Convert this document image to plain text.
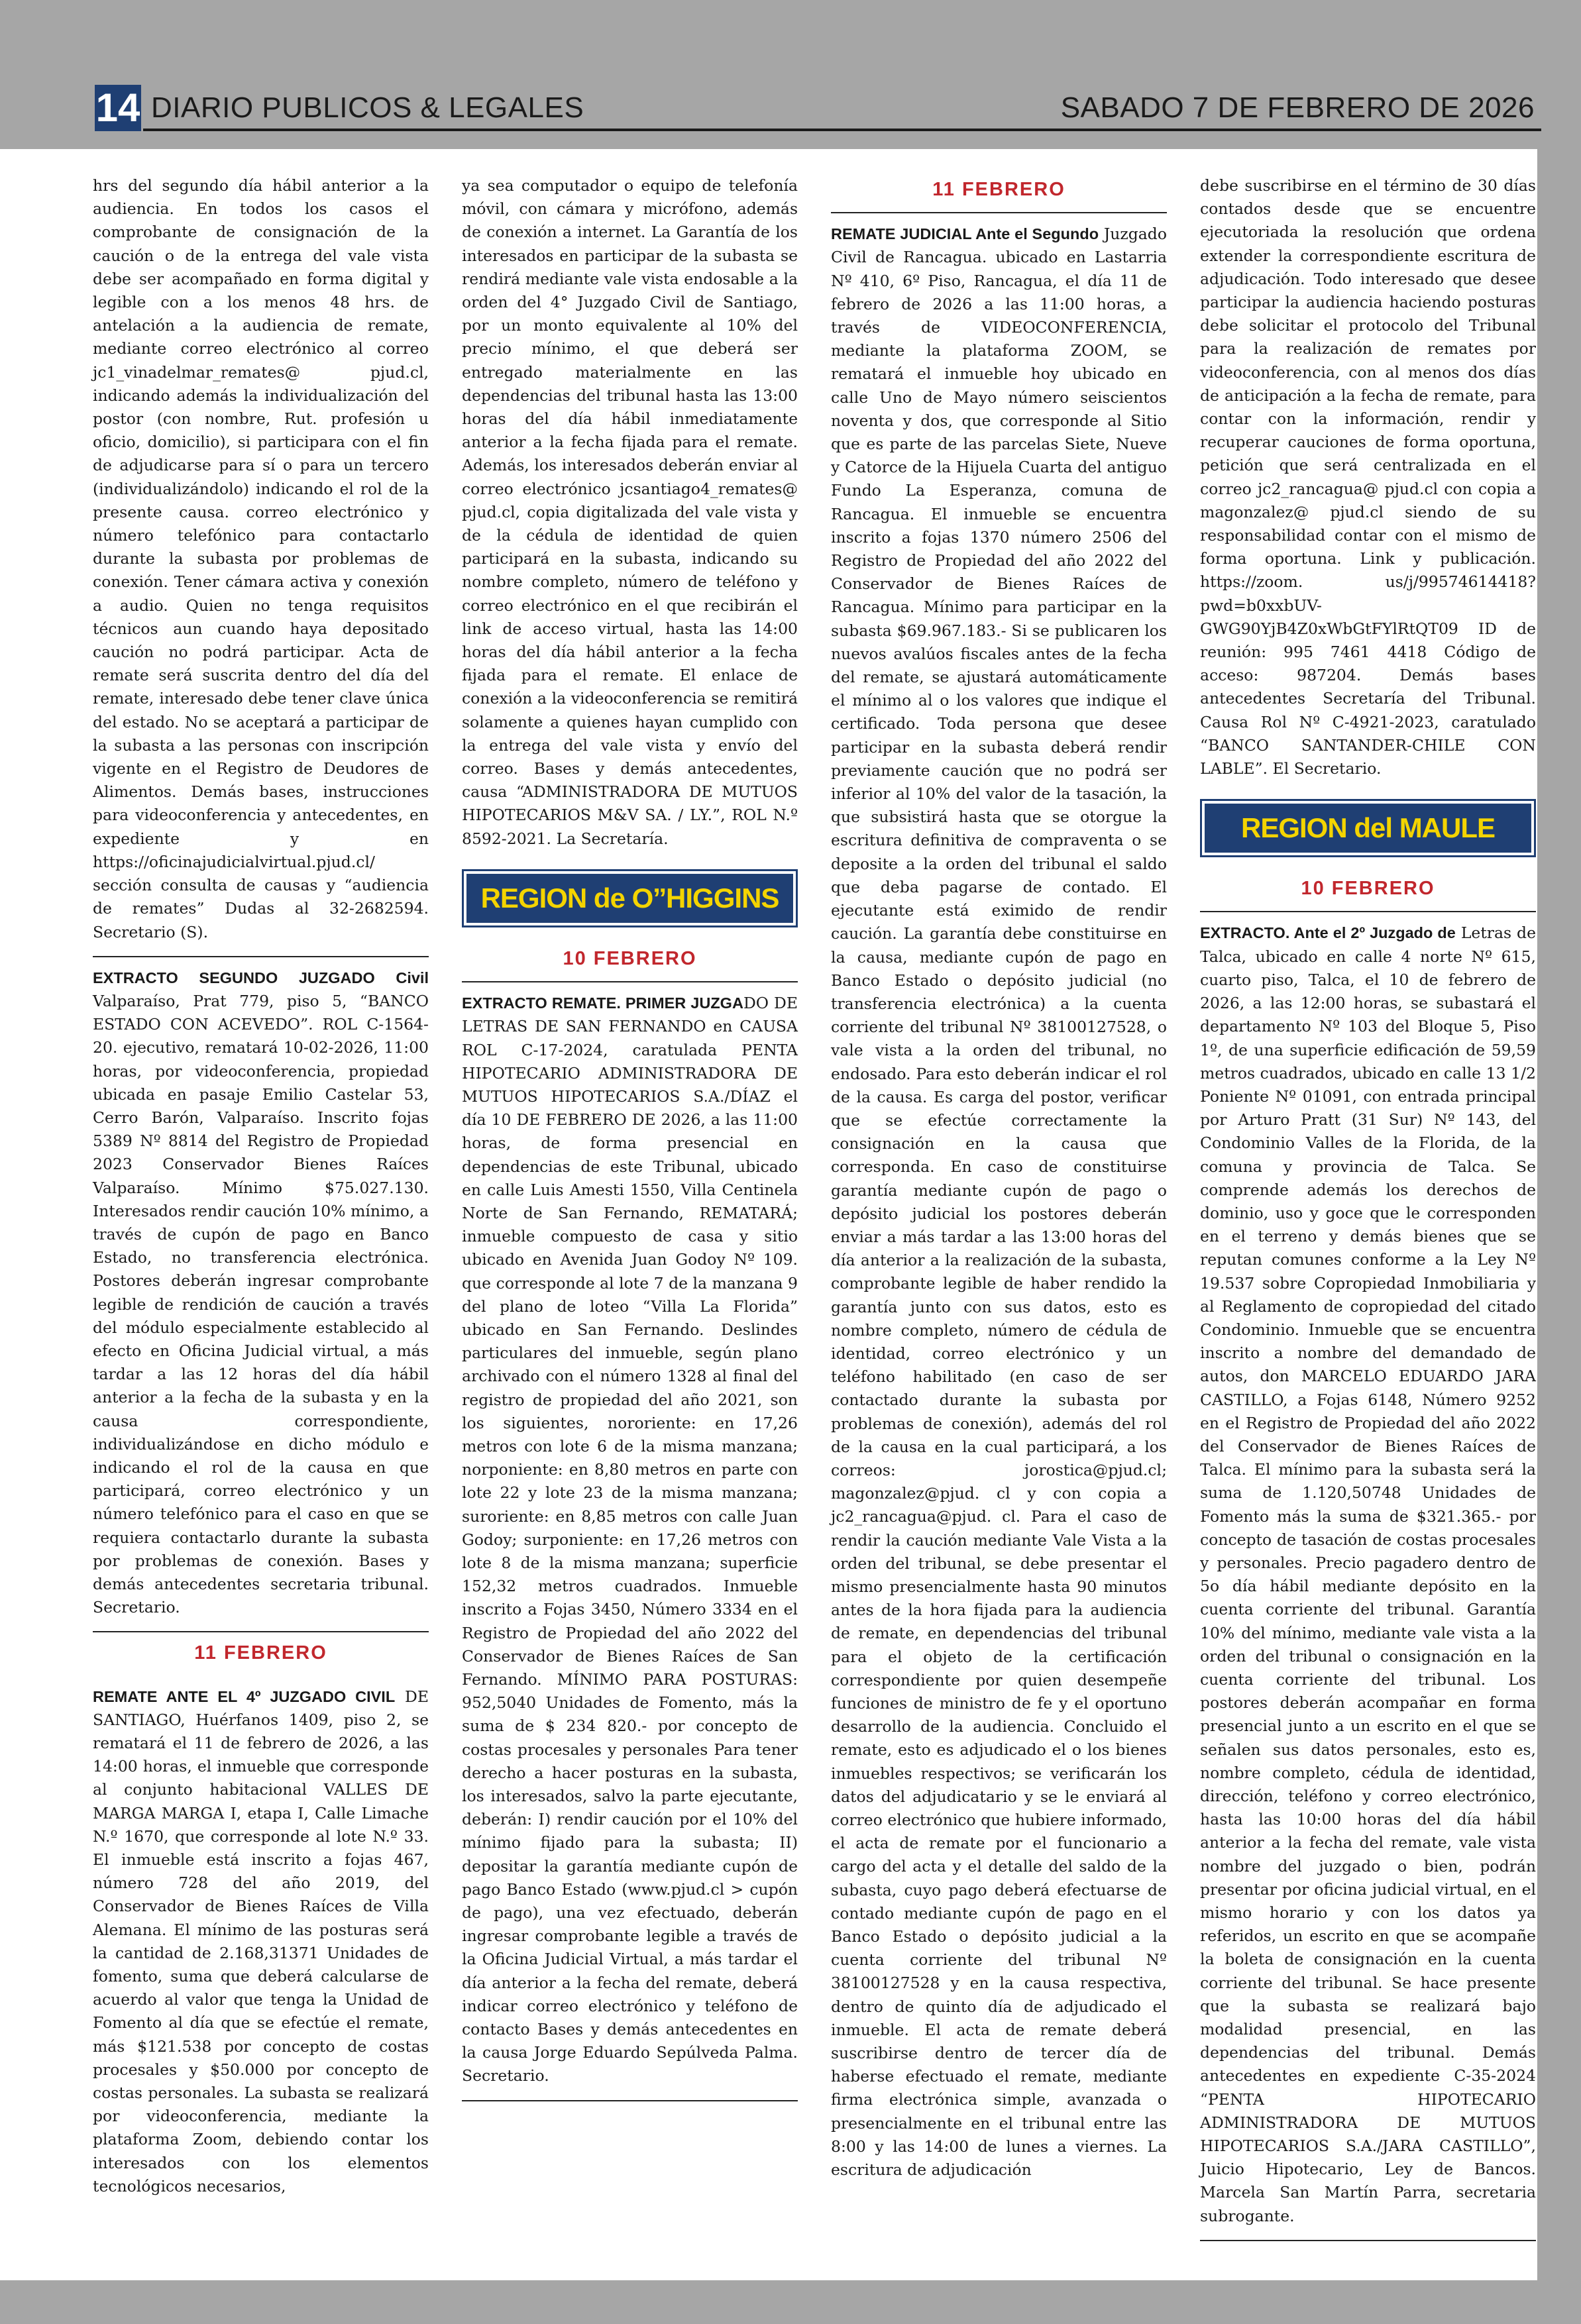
14 DIARIO PUBLICOS & LEGALES	SABADO 7 DE FEBRERO DE 2026

hrs del segundo día hábil anterior a la audiencia. En todos los casos el comprobante de consignación de la caución o de la entrega del vale vista debe ser acompañado en forma digital y legible con a los menos 48 hrs. de antelación a la audiencia de remate, mediante correo electrónico al correo jc1_vinadelmar_remates@ pjud.cl, indicando además la individualización del postor (con nombre, Rut. profesión u oficio, domicilio), si participara con el fin de adjudicarse para sí o para un tercero (individualizándolo) indicando el rol de la presente causa. correo electrónico y número telefónico para contactarlo durante la subasta por problemas de conexión. Tener cámara activa y conexión a audio. Quien no tenga requisitos técnicos aun cuando haya depositado caución no podrá participar. Acta de remate será suscrita dentro del día del remate, interesado debe tener clave única del estado. No se aceptará a participar de la subasta a las personas con inscripción vigente en el Registro de Deudores de Alimentos. Demás bases, instrucciones para videoconferencia y antecedentes, en expediente y en https://oficinajudicialvirtual.pjud.cl/ sección consulta de causas y “audiencia de remates” Dudas al 32-2682594. Secretario (S).

EXTRACTO SEGUNDO JUZGADO Civil Valparaíso, Prat 779, piso 5, “BANCO ESTADO CON ACEVEDO”. ROL C-1564-20. ejecutivo, rematará 10-02-2026, 11:00 horas, por videoconferencia, propiedad ubicada en pasaje Emilio Castelar 53, Cerro Barón, Valparaíso. Inscrito fojas 5389 Nº 8814 del Registro de Propiedad 2023 Conservador Bienes Raíces Valparaíso. Mínimo $75.027.130. Interesados rendir caución 10% mínimo, a través de cupón de pago en Banco Estado, no transferencia electrónica. Postores deberán ingresar comprobante legible de rendición de caución a través del módulo especialmente establecido al efecto en Oficina Judicial virtual, a más tardar a las 12 horas del día hábil anterior a la fecha de la subasta y en la causa correspondiente, individualizándose en dicho módulo e indicando el rol de la causa en que participará, correo electrónico y un número telefónico para el caso en que se requiera contactarlo durante la subasta por problemas de conexión. Bases y demás antecedentes secretaria tribunal. Secretario.

11 FEBRERO

REMATE ANTE EL 4º JUZGADO CIVIL DE SANTIAGO, Huérfanos 1409, piso 2, se rematará el 11 de febrero de 2026, a las 14:00 horas, el inmueble que corresponde al conjunto habitacional VALLES DE MARGA MARGA I, etapa I, Calle Limache N.º 1670, que corresponde al lote N.º 33. El inmueble está inscrito a fojas 467, número 728 del año 2019, del Conservador de Bienes Raíces de Villa Alemana. El mínimo de las posturas será la cantidad de 2.168,31371 Unidades de fomento, suma que deberá calcularse de acuerdo al valor que tenga la Unidad de Fomento al día que se efectúe el remate, más $121.538 por concepto de costas procesales y $50.000 por concepto de costas personales. La subasta se realizará por videoconferencia, mediante la plataforma Zoom, debiendo contar los interesados con los elementos tecnológicos necesarios,

ya sea computador o equipo de telefonía móvil, con cámara y micrófono, además de conexión a internet. La Garantía de los interesados en participar de la subasta se rendirá mediante vale vista endosable a la orden del 4° Juzgado Civil de Santiago, por un monto equivalente al 10% del precio mínimo, el que deberá ser entregado materialmente en las dependencias del tribunal hasta las 13:00 horas del día hábil inmediatamente anterior a la fecha fijada para el remate. Además, los interesados deberán enviar al correo electrónico jcsantiago4_remates@ pjud.cl, copia digitalizada del vale vista y de la cédula de identidad de quien participará en la subasta, indicando su nombre completo, número de teléfono y correo electrónico en el que recibirán el link de acceso virtual, hasta las 14:00 horas del día hábil anterior a la fecha fijada para el remate. El enlace de conexión a la videoconferencia se remitirá solamente a quienes hayan cumplido con la entrega del vale vista y envío del correo. Bases y demás antecedentes, causa “ADMINISTRADORA DE MUTUOS HIPOTECARIOS M&V SA. / LY.”, ROL N.º 8592-2021. La Secretaría.

REGION de O’’HIGGINS
10 FEBRERO

EXTRACTO REMATE. PRIMER JUZGADO DE LETRAS DE SAN FERNANDO en CAUSA ROL C-17-2024, caratulada PENTA HIPOTECARIO ADMINISTRADORA DE MUTUOS HIPOTECARIOS S.A./DÍAZ el día 10 DE FEBRERO DE 2026, a las 11:00 horas, de forma presencial en dependencias de este Tribunal, ubicado en calle Luis Amesti 1550, Villa Centinela Norte de San Fernando, REMATARÁ; inmueble compuesto de casa y sitio ubicado en Avenida Juan Godoy Nº 109. que corresponde al lote 7 de la manzana 9 del plano de loteo “Villa La Florida” ubicado en San Fernando. Deslindes particulares del inmueble, según plano archivado con el número 1328 al final del registro de propiedad del año 2021, son los siguientes, nororiente: en 17,26 metros con lote 6 de la misma manzana; norponiente: en 8,80 metros en parte con lote 22 y lote 23 de la misma manzana; suroriente: en 8,85 metros con calle Juan Godoy; surponiente: en 17,26 metros con lote 8 de la misma manzana; superficie 152,32 metros cuadrados. Inmueble inscrito a Fojas 3450, Número 3334 en el Registro de Propiedad del año 2022 del Conservador de Bienes Raíces de San Fernando. MÍNIMO PARA POSTURAS: 952,5040 Unidades de Fomento, más la suma de $ 234 820.- por concepto de costas procesales y personales Para tener derecho a hacer posturas en la subasta, los interesados, salvo la parte ejecutante, deberán: I) rendir caución por el 10% del mínimo fijado para la subasta; II) depositar la garantía mediante cupón de pago Banco Estado (www.pjud.cl > cupón de pago), una vez efectuado, deberán ingresar comprobante legible a través de la Oficina Judicial Virtual, a más tardar el día anterior a la fecha del remate, deberá indicar correo electrónico y teléfono de contacto Bases y demás antecedentes en la causa Jorge Eduardo Sepúlveda Palma. Secretario.

11 FEBRERO

REMATE JUDICIAL Ante el Segundo Juzgado Civil de Rancagua. ubicado en Lastarria Nº 410, 6º Piso, Rancagua, el día 11 de febrero de 2026 a las 11:00 horas, a través de VIDEOCONFERENCIA, mediante la plataforma ZOOM, se rematará el inmueble hoy ubicado en calle Uno de Mayo número seiscientos noventa y dos, que corresponde al Sitio que es parte de las parcelas Siete, Nueve y Catorce de la Hijuela Cuarta del antiguo Fundo La Esperanza, comuna de Rancagua. El inmueble se encuentra inscrito a fojas 1370 número 2506 del Registro de Propiedad del año 2022 del Conservador de Bienes Raíces de Rancagua. Mínimo para participar en la subasta $69.967.183.- Si se publicaren los nuevos avalúos fiscales antes de la fecha del remate, se ajustará automáticamente el mínimo al o los valores que indique el certificado. Toda persona que desee participar en la subasta deberá rendir previamente caución que no podrá ser inferior al 10% del valor de la tasación, la que subsistirá hasta que se otorgue la escritura definitiva de compraventa o se deposite a la orden del tribunal el saldo que deba pagarse de contado. El ejecutante está eximido de rendir caución. La garantía debe constituirse en la causa, mediante cupón de pago en Banco Estado o depósito judicial (no transferencia electrónica) a la cuenta corriente del tribunal Nº 38100127528, o vale vista a la orden del tribunal, no endosado. Para esto deberán indicar el rol de la causa. Es carga del postor, verificar que se efectúe correctamente la consignación en la causa que corresponda. En caso de constituirse garantía mediante cupón de pago o depósito judicial los postores deberán enviar a más tardar a las 13:00 horas del día anterior a la realización de la subasta, comprobante legible de haber rendido la garantía junto con sus datos, esto es nombre completo, número de cédula de identidad, correo electrónico y un teléfono habilitado (en caso de ser contactado durante la subasta por problemas de conexión), además del rol de la causa en la cual participará, a los correos: jorostica@pjud.cl; magonzalez@pjud. cl y con copia a jc2_rancagua@pjud. cl. Para el caso de rendir la caución mediante Vale Vista a la orden del tribunal, se debe presentar el mismo presencialmente hasta 90 minutos antes de la hora fijada para la audiencia de remate, en dependencias del tribunal para el objeto de la certificación correspondiente por quien desempeñe funciones de ministro de fe y el oportuno desarrollo de la audiencia. Concluido el remate, esto es adjudicado el o los bienes inmuebles respectivos; se verificarán los datos del adjudicatario y se le enviará al correo electrónico que hubiere informado, el acta de remate por el funcionario a cargo del acta y el detalle del saldo de la subasta, cuyo pago deberá efectuarse de contado mediante cupón de pago en el Banco Estado o depósito judicial a la cuenta corriente del tribunal Nº 38100127528 y en la causa respectiva, dentro de quinto día de adjudicado el inmueble. El acta de remate deberá suscribirse dentro de tercer día de haberse efectuado el remate, mediante firma electrónica simple, avanzada o presencialmente en el tribunal entre las 8:00 y las 14:00 de lunes a viernes. La escritura de adjudicación

debe suscribirse en el término de 30 días contados desde que se encuentre ejecutoriada la resolución que ordena extender la correspondiente escritura de adjudicación. Todo interesado que desee participar la audiencia haciendo posturas debe solicitar el protocolo del Tribunal para la realización de remates por videoconferencia, con al menos dos días de anticipación a la fecha de remate, para contar con la información, rendir y recuperar cauciones de forma oportuna, petición que será centralizada en el correo jc2_rancagua@ pjud.cl con copia a magonzalez@ pjud.cl siendo de su responsabilidad contar con el mismo de forma oportuna. Link y publicación. https://zoom. us/j/99574614418?pwd=b0xxbUV-GWG90YjB4Z0xWbGtFYlRtQT09 ID de reunión: 995 7461 4418 Código de acceso: 987204. Demás bases antecedentes Secretaría del Tribunal. Causa Rol Nº C-4921-2023, caratulado “BANCO SANTANDER-CHILE CON LABLE”. El Secretario.

REGION del MAULE
10 FEBRERO

EXTRACTO. Ante el 2º Juzgado de Letras de Talca, ubicado en calle 4 norte Nº 615, cuarto piso, Talca, el 10 de febrero de 2026, a las 12:00 horas, se subastará el departamento Nº 103 del Bloque 5, Piso 1º, de una superficie edificación de 59,59 metros cuadrados, ubicado en calle 13 1/2 Poniente Nº 01091, con entrada principal por Arturo Pratt (31 Sur) Nº 143, del Condominio Valles de la Florida, de la comuna y provincia de Talca. Se comprende además los derechos de dominio, uso y goce que le corresponden en el terreno y demás bienes que se reputan comunes conforme a la Ley Nº 19.537 sobre Copropiedad Inmobiliaria y al Reglamento de copropiedad del citado Condominio. Inmueble que se encuentra inscrito a nombre del demandado de autos, don MARCELO EDUARDO JARA CASTILLO, a Fojas 6148, Número 9252 en el Registro de Propiedad del año 2022 del Conservador de Bienes Raíces de Talca. El mínimo para la subasta será la suma de 1.120,50748 Unidades de Fomento más la suma de $321.365.- por concepto de tasación de costas procesales y personales. Precio pagadero dentro de 5o día hábil mediante depósito en la cuenta corriente del tribunal. Garantía 10% del mínimo, mediante vale vista a la orden del tribunal o consignación en la cuenta corriente del tribunal. Los postores deberán acompañar en forma presencial junto a un escrito en el que se señalen sus datos personales, esto es, nombre completo, cédula de identidad, dirección, teléfono y correo electrónico, hasta las 10:00 horas del día hábil anterior a la fecha del remate, vale vista nombre del juzgado o bien, podrán presentar por oficina judicial virtual, en el mismo horario y con los datos ya referidos, un escrito en que se acompañe la boleta de consignación en la cuenta corriente del tribunal. Se hace presente que la subasta se realizará bajo modalidad presencial, en las dependencias del tribunal. Demás antecedentes en expediente C-35-2024 “PENTA HIPOTECARIO ADMINISTRADORA DE MUTUOS HIPOTECARIOS S.A./JARA CASTILLO”, Juicio Hipotecario, Ley de Bancos. Marcela San Martín Parra, secretaria subrogante.
